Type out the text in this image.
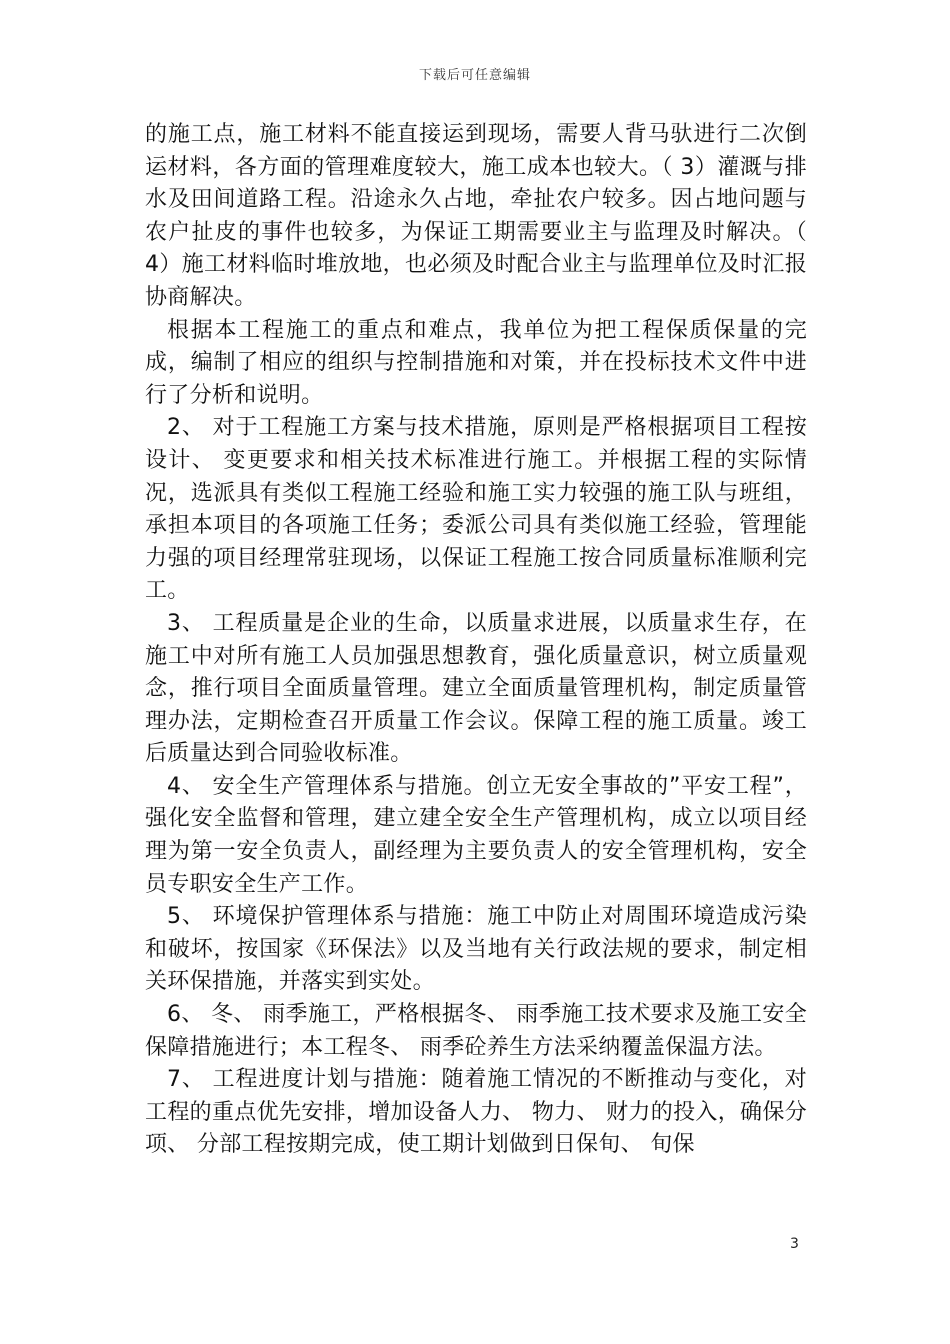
下载后可任意编辑

的施工点，施工材料不能直接运到现场，需要人背马驮进行二次倒运材料，各方面的管理难度较大，施工成本也较大。（ 3）灌溉与排水及田间道路工程。沿途永久占地，牵扯农户较多。因占地问题与农户扯皮的事件也较多，为保证工期需要业主与监理及时解决。（ 4）施工材料临时堆放地，也必须及时配合业主与监理单位及时汇报协商解决。

根据本工程施工的重点和难点，我单位为把工程保质保量的完成，编制了相应的组织与控制措施和对策，并在投标技术文件中进行了分析和说明。

2、 对于工程施工方案与技术措施，原则是严格根据项目工程按设计、 变更要求和相关技术标准进行施工。并根据工程的实际情况，选派具有类似工程施工经验和施工实力较强的施工队与班组，承担本项目的各项施工任务；委派公司具有类似施工经验，管理能力强的项目经理常驻现场，以保证工程施工按合同质量标准顺利完工。

3、 工程质量是企业的生命，以质量求进展，以质量求生存，在施工中对所有施工人员加强思想教育，强化质量意识，树立质量观念，推行项目全面质量管理。建立全面质量管理机构，制定质量管理办法，定期检查召开质量工作会议。保障工程的施工质量。竣工后质量达到合同验收标准。

4、 安全生产管理体系与措施。创立无安全事故的”平安工程”，强化安全监督和管理，建立建全安全生产管理机构，成立以项目经理为第一安全负责人，副经理为主要负责人的安全管理机构，安全员专职安全生产工作。

5、 环境保护管理体系与措施：施工中防止对周围环境造成污染和破坏，按国家《环保法》以及当地有关行政法规的要求，制定相关环保措施，并落实到实处。

6、 冬、 雨季施工，严格根据冬、 雨季施工技术要求及施工安全保障措施进行；本工程冬、 雨季砼养生方法采纳覆盖保温方法。

7、 工程进度计划与措施：随着施工情况的不断推动与变化，对工程的重点优先安排，增加设备人力、 物力、 财力的投入，确保分项、 分部工程按期完成，使工期计划做到日保旬、 旬保

3
